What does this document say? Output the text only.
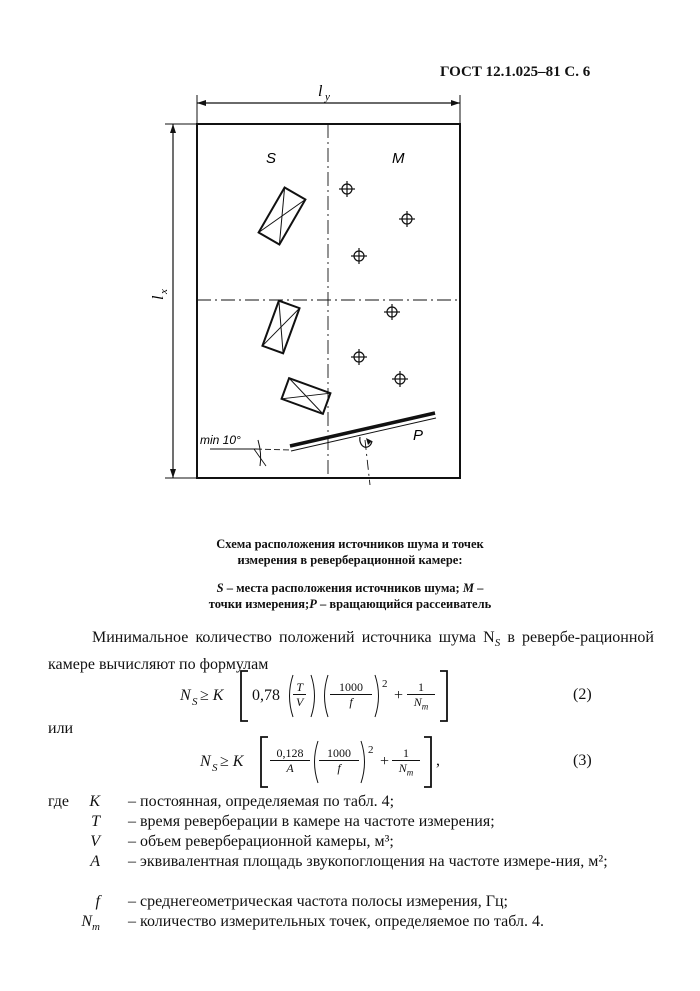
ГОСТ 12.1.025–81 С. 6
l y
l
x
S	M
P
min 10°
Схема расположения источников шума и точек
измерения в реверберационной камере:
S – места расположения источников шума; M –
точки измерения;P – вращающийся рассеиватель
Минимальное количество положений источника шума $N_S$ в ревербе-рационной камере вычисляют по формулам
N S ≥ K $0,78 \frac{T}{V} \frac{1000}{f} 2$
+ $\frac{1}{N_m}$	(2)
или
N S ≥ K $\frac{0,128}{A} \frac{1000}{f} 2$
+ $\frac{1}{N_m}$ ,	(3)
где	K – постоянная, определяемая по табл. 4;
T – время реверберации в камере на частоте измерения;
V – объем реверберационной камеры, м³;
A – эквивалентная площадь звукопоглощения на частоте измере-ния, м²;
f – среднегеометрическая частота полосы измерения, Гц;
$N_m$ – количество измерительных точек, определяемое по табл. 4.
